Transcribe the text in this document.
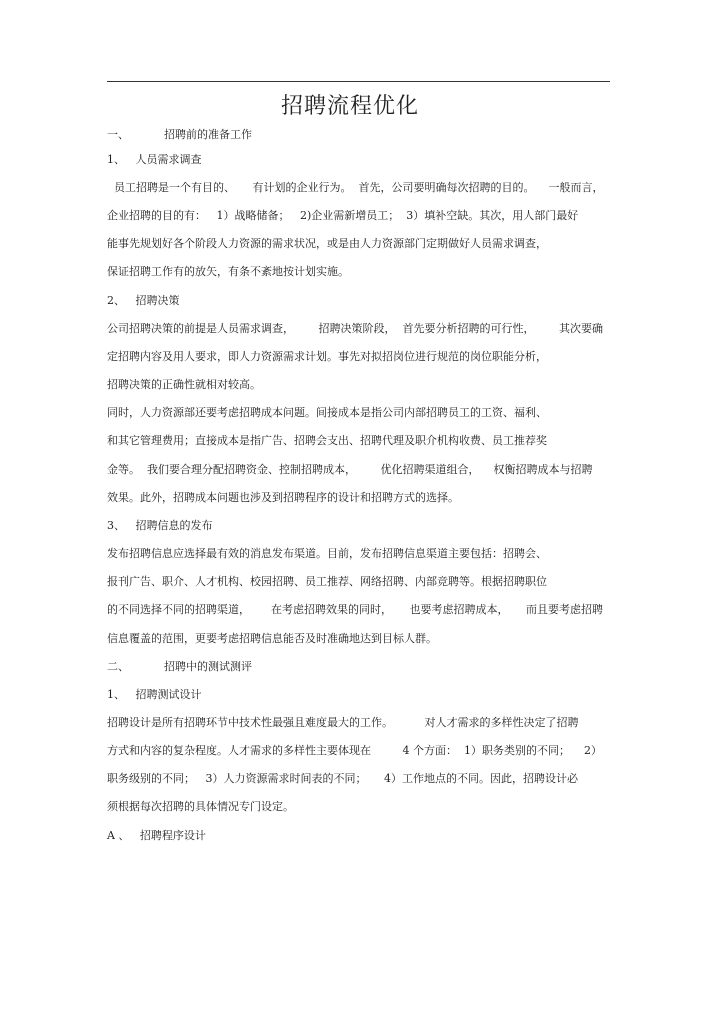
招聘流程优化
一、          招聘前的准备工作
1、   人员需求调查
员工招聘是一个有目的、     有计划的企业行为。  首先，公司要明确每次招聘的目的。    一般而言，
企业招聘的目的有：   1）战略储备；   2)企业需新增员工；  3）填补空缺。其次，用人部门最好
能事先规划好各个阶段人力资源的需求状况，或是由人力资源部门定期做好人员需求调查，
保证招聘工作有的放矢，有条不紊地按计划实施。
2、   招聘决策
公司招聘决策的前提是人员需求调查，       招聘决策阶段，  首先要分析招聘的可行性，       其次要确
定招聘内容及用人要求，即人力资源需求计划。事先对拟招岗位进行规范的岗位职能分析，
招聘决策的正确性就相对较高。
同时，人力资源部还要考虑招聘成本问题。间接成本是指公司内部招聘员工的工资、福利、
和其它管理费用；直接成本是指广告、招聘会支出、招聘代理及职介机构收费、员工推荐奖
金等。  我们要合理分配招聘资金、控制招聘成本，       优化招聘渠道组合，    权衡招聘成本与招聘
效果。此外，招聘成本问题也涉及到招聘程序的设计和招聘方式的选择。
3、   招聘信息的发布
发布招聘信息应选择最有效的消息发布渠道。目前，发布招聘信息渠道主要包括：招聘会、
报刊广告、职介、人才机构、校园招聘、员工推荐、网络招聘、内部竞聘等。根据招聘职位
的不同选择不同的招聘渠道，      在考虑招聘效果的同时，     也要考虑招聘成本，     而且要考虑招聘
信息覆盖的范围，更要考虑招聘信息能否及时准确地达到目标人群。
二、          招聘中的测试测评
1、   招聘测试设计
招聘设计是所有招聘环节中技术性最强且难度最大的工作。         对人才需求的多样性决定了招聘
方式和内容的复杂程度。人才需求的多样性主要体现在         4 个方面：  1）职务类别的不同；    2）
职务级别的不同；   3）人力资源需求时间表的不同；     4）工作地点的不同。因此，招聘设计必
须根据每次招聘的具体情况专门设定。
A 、   招聘程序设计
